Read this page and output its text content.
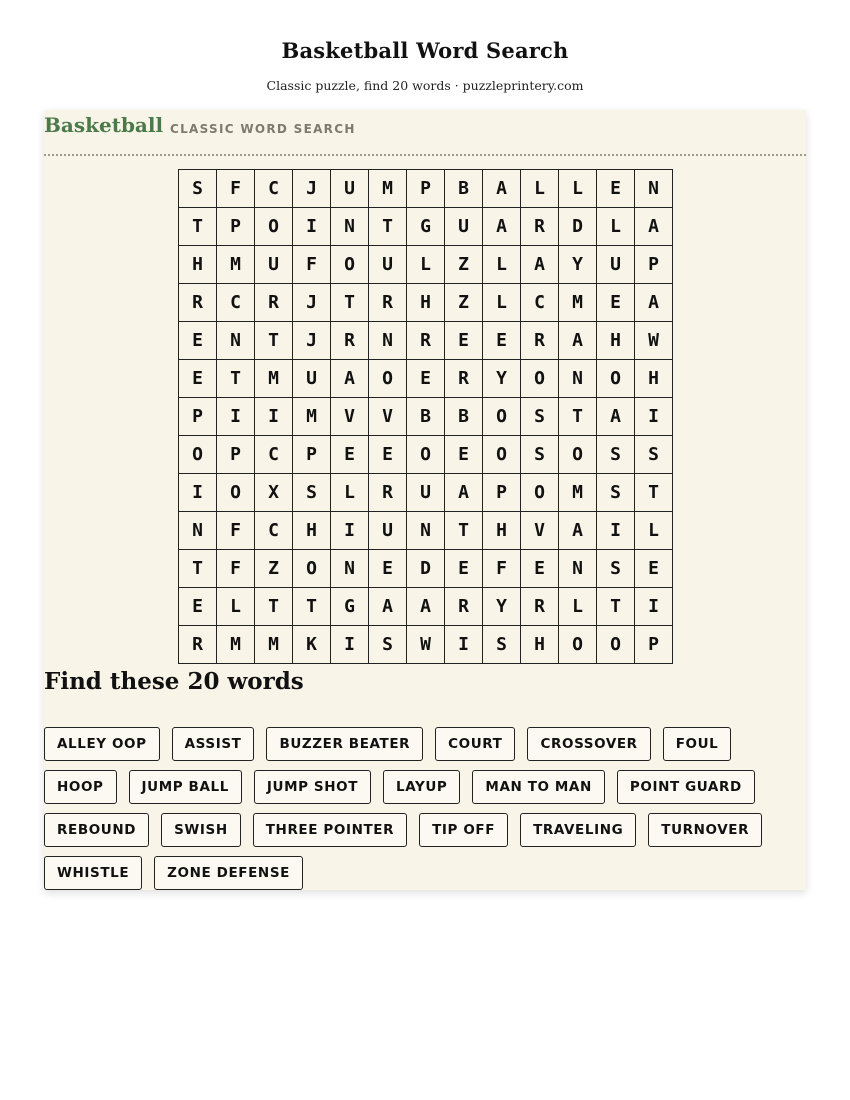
Basketball Word Search
Classic puzzle, find 20 words · puzzleprintery.com
Basketball CLASSIC WORD SEARCH
S	F	C	J	U	M	P	B	A	L	L	E	N
T	P	O	I	N	T	G	U	A	R	D	L	A
H	M	U	F	O	U	L	Z	L	A	Y	U	P
R	C	R	J	T	R	H	Z	L	C	M	E	A
E	N	T	J	R	N	R	E	E	R	A	H	W
E	T	M	U	A	O	E	R	Y	O	N	O	H
P	I	I	M	V	V	B	B	O	S	T	A	I
O	P	C	P	E	E	O	E	O	S	O	S	S
I	O	X	S	L	R	U	A	P	O	M	S	T
N	F	C	H	I	U	N	T	H	V	A	I	L
T	F	Z	O	N	E	D	E	F	E	N	S	E
E	L	T	T	G	A	A	R	Y	R	L	T	I
R	M	M	K	I	S	W	I	S	H	O	O	P
Find these 20 words
ALLEY OOP	ASSIST	BUZZER BEATER	COURT	CROSSOVER	FOUL
HOOP	JUMP BALL	JUMP SHOT	LAYUP	MAN TO MAN	POINT GUARD
REBOUND	SWISH	THREE POINTER	TIP OFF	TRAVELING	TURNOVER
WHISTLE	ZONE DEFENSE
